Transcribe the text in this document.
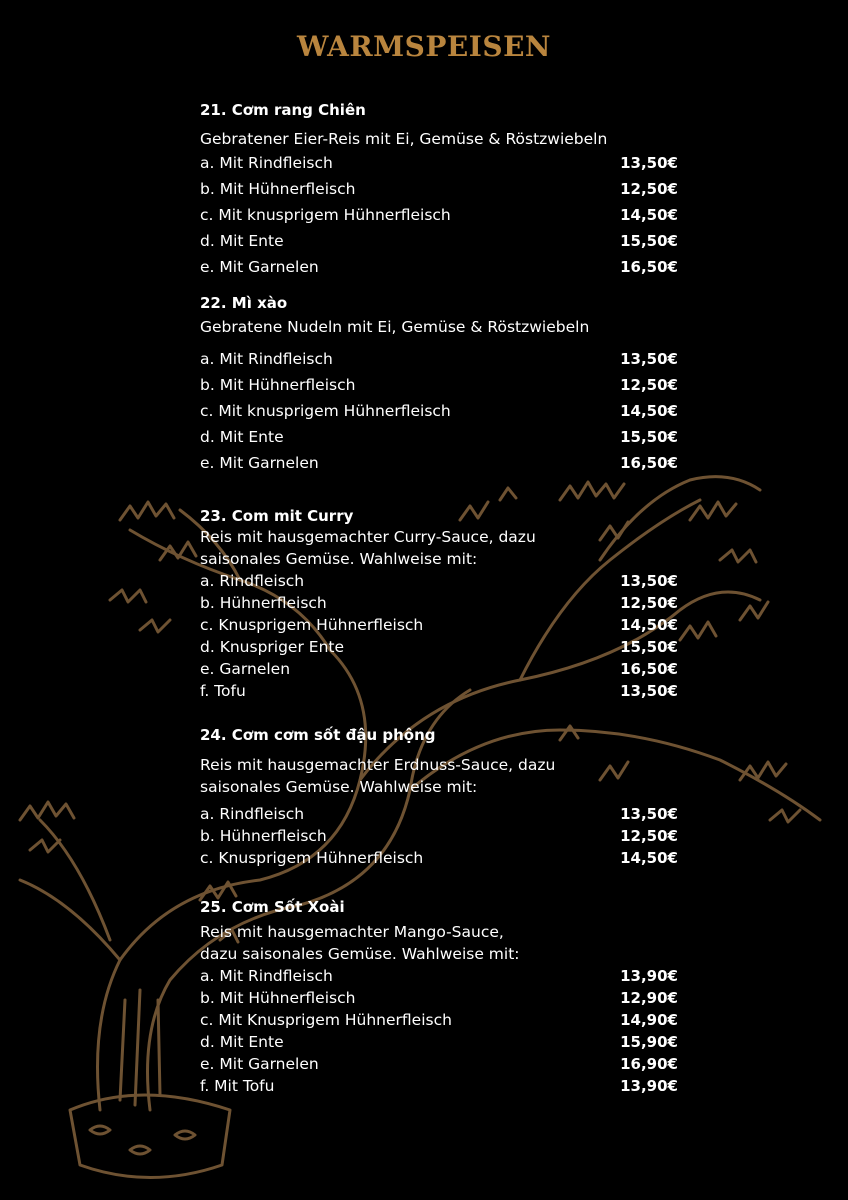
WARMSPEISEN

21. Cơm rang Chiên

Gebratener Eier-Reis mit Ei, Gemüse & Röstzwiebeln

a. Mit Rindfleisch	13,50€
b. Mit Hühnerfleisch	12,50€
c. Mit knusprigem Hühnerfleisch	14,50€
d. Mit Ente	15,50€
e. Mit Garnelen	16,50€

22. Mì xào

Gebratene Nudeln mit Ei, Gemüse & Röstzwiebeln

a. Mit Rindfleisch	13,50€
b. Mit Hühnerfleisch	12,50€
c. Mit knusprigem Hühnerfleisch	14,50€
d. Mit Ente	15,50€
e. Mit Garnelen	16,50€

23. Com mit Curry

Reis mit hausgemachter Curry-Sauce, dazu

saisonales Gemüse. Wahlweise mit:

a. Rindfleisch	13,50€
b. Hühnerfleisch	12,50€
c. Knusprigem Hühnerfleisch	14,50€
d. Knuspriger Ente	15,50€
e. Garnelen	16,50€
f. Tofu	13,50€

24. Cơm cơm sốt đậu phộng

Reis mit hausgemachter Erdnuss-Sauce, dazu

saisonales Gemüse. Wahlweise mit:

a. Rindfleisch	13,50€
b. Hühnerfleisch	12,50€
c. Knusprigem Hühnerfleisch	14,50€

25. Cơm Sốt Xoài

Reis mit hausgemachter Mango-Sauce,

dazu saisonales Gemüse. Wahlweise mit:

a. Mit Rindfleisch	13,90€
b. Mit Hühnerfleisch	12,90€
c. Mit Knusprigem Hühnerfleisch	14,90€
d. Mit Ente	15,90€
e. Mit Garnelen	16,90€
f. Mit Tofu	13,90€
